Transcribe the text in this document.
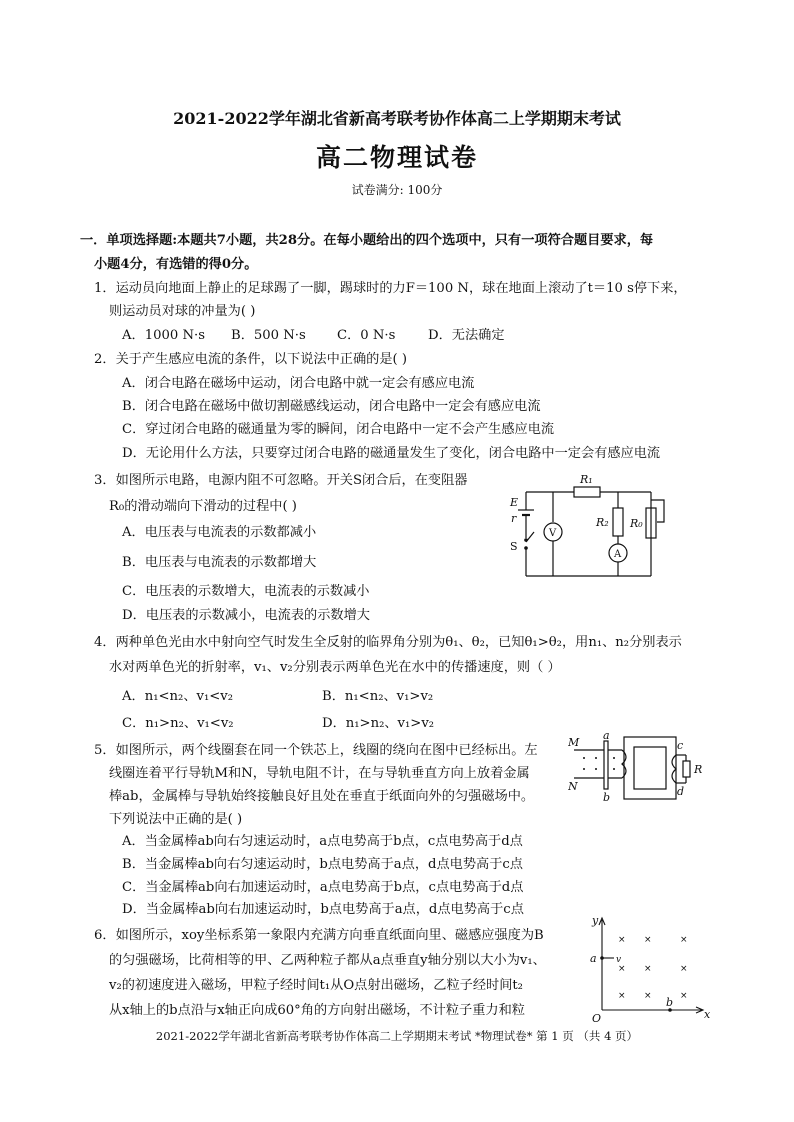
2021-2022学年湖北省新高考联考协作体高二上学期期末考试
高二物理试卷
试卷满分: 100分
一．单项选择题:本题共7小题，共28分。在每小题给出的四个选项中，只有一项符合题目要求，每
小题4分，有选错的得0分。
1．运动员向地面上静止的足球踢了一脚，踢球时的力F＝100 N，球在地面上滚动了t＝10 s停下来，
则运动员对球的冲量为( )
A．1000 N·s B．500 N·s C．0 N·s D．无法确定
2．关于产生感应电流的条件，以下说法中正确的是( )
A．闭合电路在磁场中运动，闭合电路中就一定会有感应电流
B．闭合电路在磁场中做切割磁感线运动，闭合电路中一定会有感应电流
C．穿过闭合电路的磁通量为零的瞬间，闭合电路中一定不会产生感应电流
D．无论用什么方法，只要穿过闭合电路的磁通量发生了变化，闭合电路中一定会有感应电流
3．如图所示电路，电源内阻不可忽略。开关S闭合后，在变阻器
R₀的滑动端向下滑动的过程中( )
A．电压表与电流表的示数都减小
B．电压表与电流表的示数都增大
C．电压表的示数增大，电流表的示数减小
D．电压表的示数减小，电流表的示数增大
E
r
S
V
A
R₁
R₂ R₀
4．两种单色光由水中射向空气时发生全反射的临界角分别为θ₁、θ₂，已知θ₁>θ₂，用n₁、n₂分别表示
水对两单色光的折射率，v₁、v₂分别表示两单色光在水中的传播速度，则（ ）
A．n₁<n₂、v₁<v₂	B．n₁<n₂、v₁>v₂
C．n₁>n₂、v₁<v₂	D．n₁>n₂、v₁>v₂
5．如图所示，两个线圈套在同一个铁芯上，线圈的绕向在图中已经标出。左
线圈连着平行导轨M和N，导轨电阻不计，在与导轨垂直方向上放着金属
棒ab，金属棒与导轨始终接触良好且处在垂直于纸面向外的匀强磁场中。
下列说法中正确的是( )
A．当金属棒ab向右匀速运动时，a点电势高于b点，c点电势高于d点
B．当金属棒ab向右匀速运动时，b点电势高于a点，d点电势高于c点
C．当金属棒ab向右加速运动时，a点电势高于b点，c点电势高于d点
D．当金属棒ab向右加速运动时，b点电势高于a点，d点电势高于c点
M
N
a
b
c
d
R
6．如图所示，xoy坐标系第一象限内充满方向垂直纸面向里、磁感应强度为B
的匀强磁场，比荷相等的甲、乙两种粒子都从a点垂直y轴分别以大小为v₁、
v₂的初速度进入磁场，甲粒子经时间t₁从O点射出磁场，乙粒子经时间t₂
从x轴上的b点沿与x轴正向成60°角的方向射出磁场，不计粒子重力和粒
× ×	×
× ×	×
× ×	×
y
x
O
a v
b
2021-2022学年湖北省新高考联考协作体高二上学期期末考试 *物理试卷* 第 1 页 （共 4 页）
